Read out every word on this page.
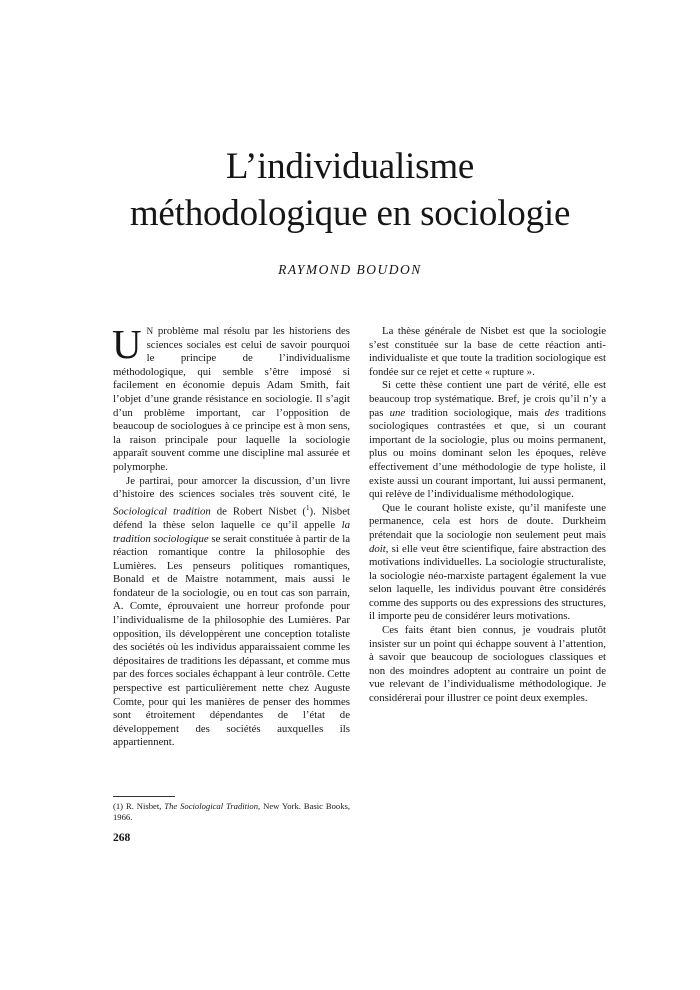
L’individualisme
méthodologique en sociologie
RAYMOND BOUDON

U N problème mal résolu par les historiens des sciences sociales est celui de savoir pourquoi le principe de l’individualisme méthodologique, qui semble s’être imposé si facilement en économie depuis Adam Smith, fait l’objet d’une grande résistance en sociologie. Il s’agit d’un problème important, car l’opposition de beaucoup de sociologues à ce principe est à mon sens, la raison principale pour laquelle la sociologie apparaît souvent comme une discipline mal assurée et polymorphe.

Je partirai, pour amorcer la discussion, d’un livre d’histoire des sciences sociales très souvent cité, le Sociological tradition de Robert Nisbet ($^1$). Nisbet défend la thèse selon laquelle ce qu’il appelle la tradition sociologique se serait constituée à partir de la réaction romantique contre la philosophie des Lumières. Les penseurs politiques romantiques, Bonald et de Maistre notamment, mais aussi le fondateur de la sociologie, ou en tout cas son parrain, A. Comte, éprouvaient une horreur profonde pour l’individualisme de la philosophie des Lumières. Par opposition, ils développèrent une conception totaliste des sociétés où les individus apparaissaient comme les dépositaires de traditions les dépassant, et comme mus par des forces sociales échappant à leur contrôle. Cette perspective est particulièrement nette chez Auguste Comte, pour qui les manières de penser des hommes sont étroitement dépendantes de l’état de développement des sociétés auxquelles ils appartiennent.

(1) R. Nisbet, The Sociological Tradition, New York. Basic Books, 1966.
268

La thèse générale de Nisbet est que la sociologie s’est constituée sur la base de cette réaction anti-individualiste et que toute la tradition sociologique est fondée sur ce rejet et cette « rupture ».

Si cette thèse contient une part de vérité, elle est beaucoup trop systématique. Bref, je crois qu’il n’y a pas une tradition sociologique, mais des traditions sociologiques contrastées et que, si un courant important de la sociologie, plus ou moins permanent, plus ou moins dominant selon les époques, relève effectivement d’une méthodologie de type holiste, il existe aussi un courant important, lui aussi permanent, qui relève de l’individualisme méthodologique.

Que le courant holiste existe, qu’il manifeste une permanence, cela est hors de doute. Durkheim prétendait que la sociologie non seulement peut mais doit, si elle veut être scientifique, faire abstraction des motivations individuelles. La sociologie structuraliste, la sociologie néo-marxiste partagent également la vue selon laquelle, les individus pouvant être considérés comme des supports ou des expressions des structures, il importe peu de considérer leurs motivations.

Ces faits étant bien connus, je voudrais plutôt insister sur un point qui échappe souvent à l’attention, à savoir que beaucoup de sociologues classiques et non des moindres adoptent au contraire un point de vue relevant de l’individualisme méthodologique. Je considérerai pour illustrer ce point deux exemples.
